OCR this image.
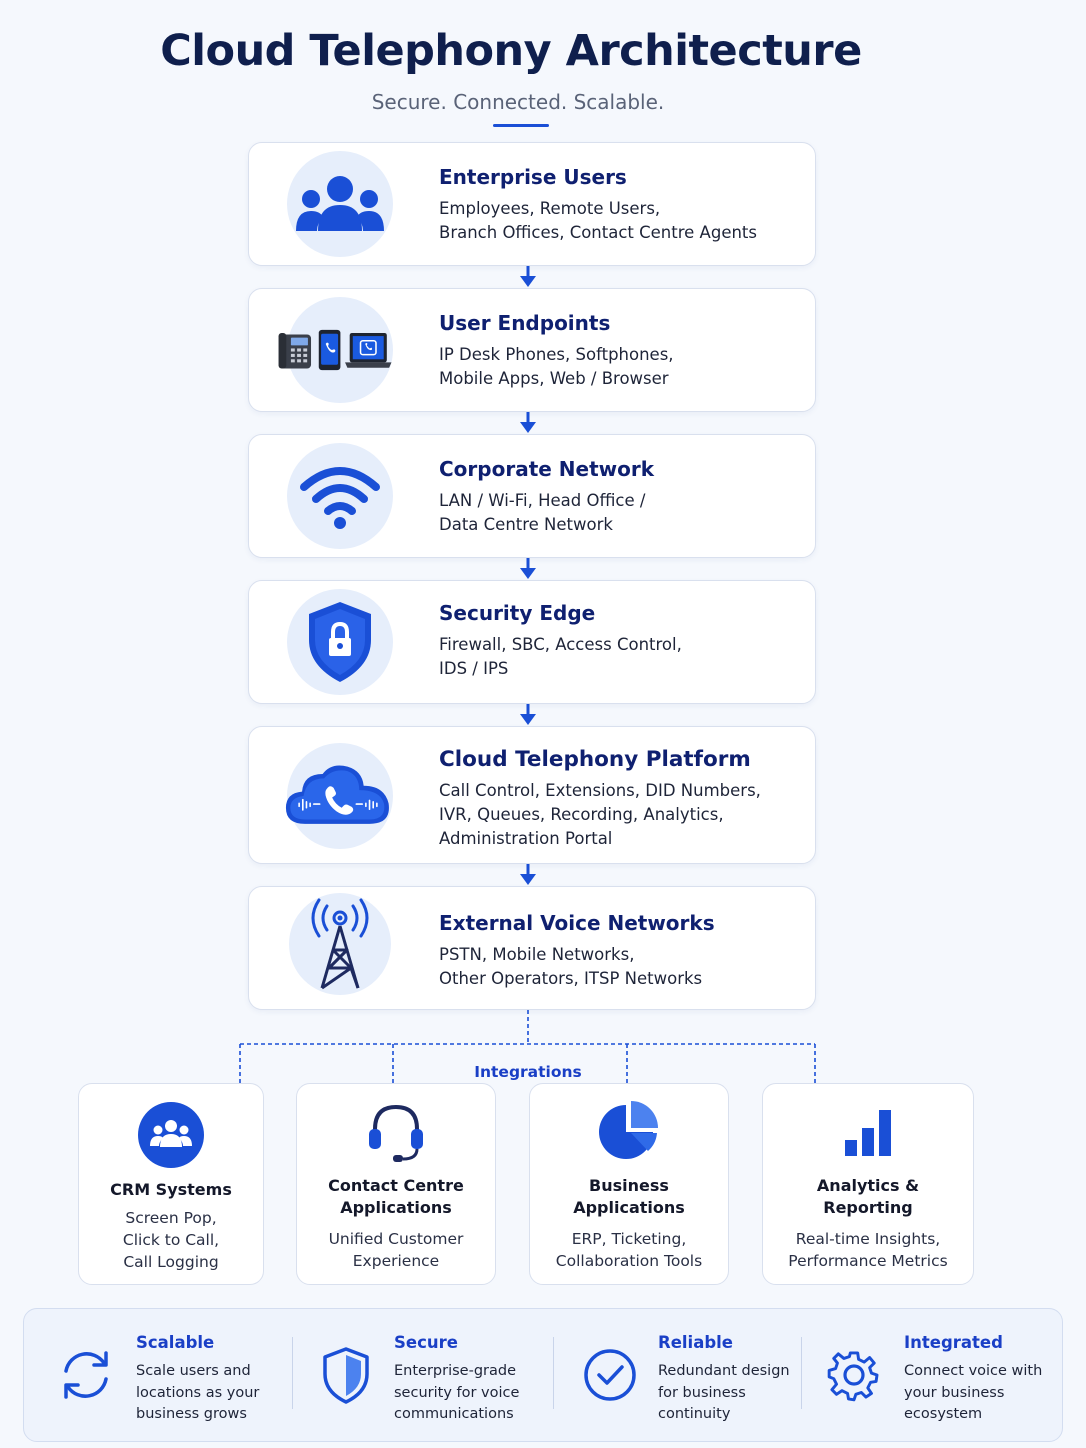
Cloud Telephony Architecture
Secure. Connected. Scalable.
Enterprise Users
Employees, Remote Users,
Branch Offices, Contact Centre Agents
User Endpoints
IP Desk Phones, Softphones,
Mobile Apps, Web / Browser
Corporate Network
LAN / Wi-Fi, Head Office /
Data Centre Network
Security Edge
Firewall, SBC, Access Control,
IDS / IPS
Cloud Telephony Platform
Call Control, Extensions, DID Numbers,
IVR, Queues, Recording, Analytics,
Administration Portal
External Voice Networks
PSTN, Mobile Networks,
Other Operators, ITSP Networks
Integrations
CRM Systems
Screen Pop,
Click to Call,
Call Logging
Contact Centre
Applications
Unified Customer
Experience
Business
Applications
ERP, Ticketing,
Collaboration Tools
Analytics &
Reporting
Real-time Insights,
Performance Metrics
Scalable
Scale users and
locations as your
business grows
Secure
Enterprise-grade
security for voice
communications
Reliable
Redundant design
for business
continuity
Integrated
Connect voice with
your business
ecosystem
